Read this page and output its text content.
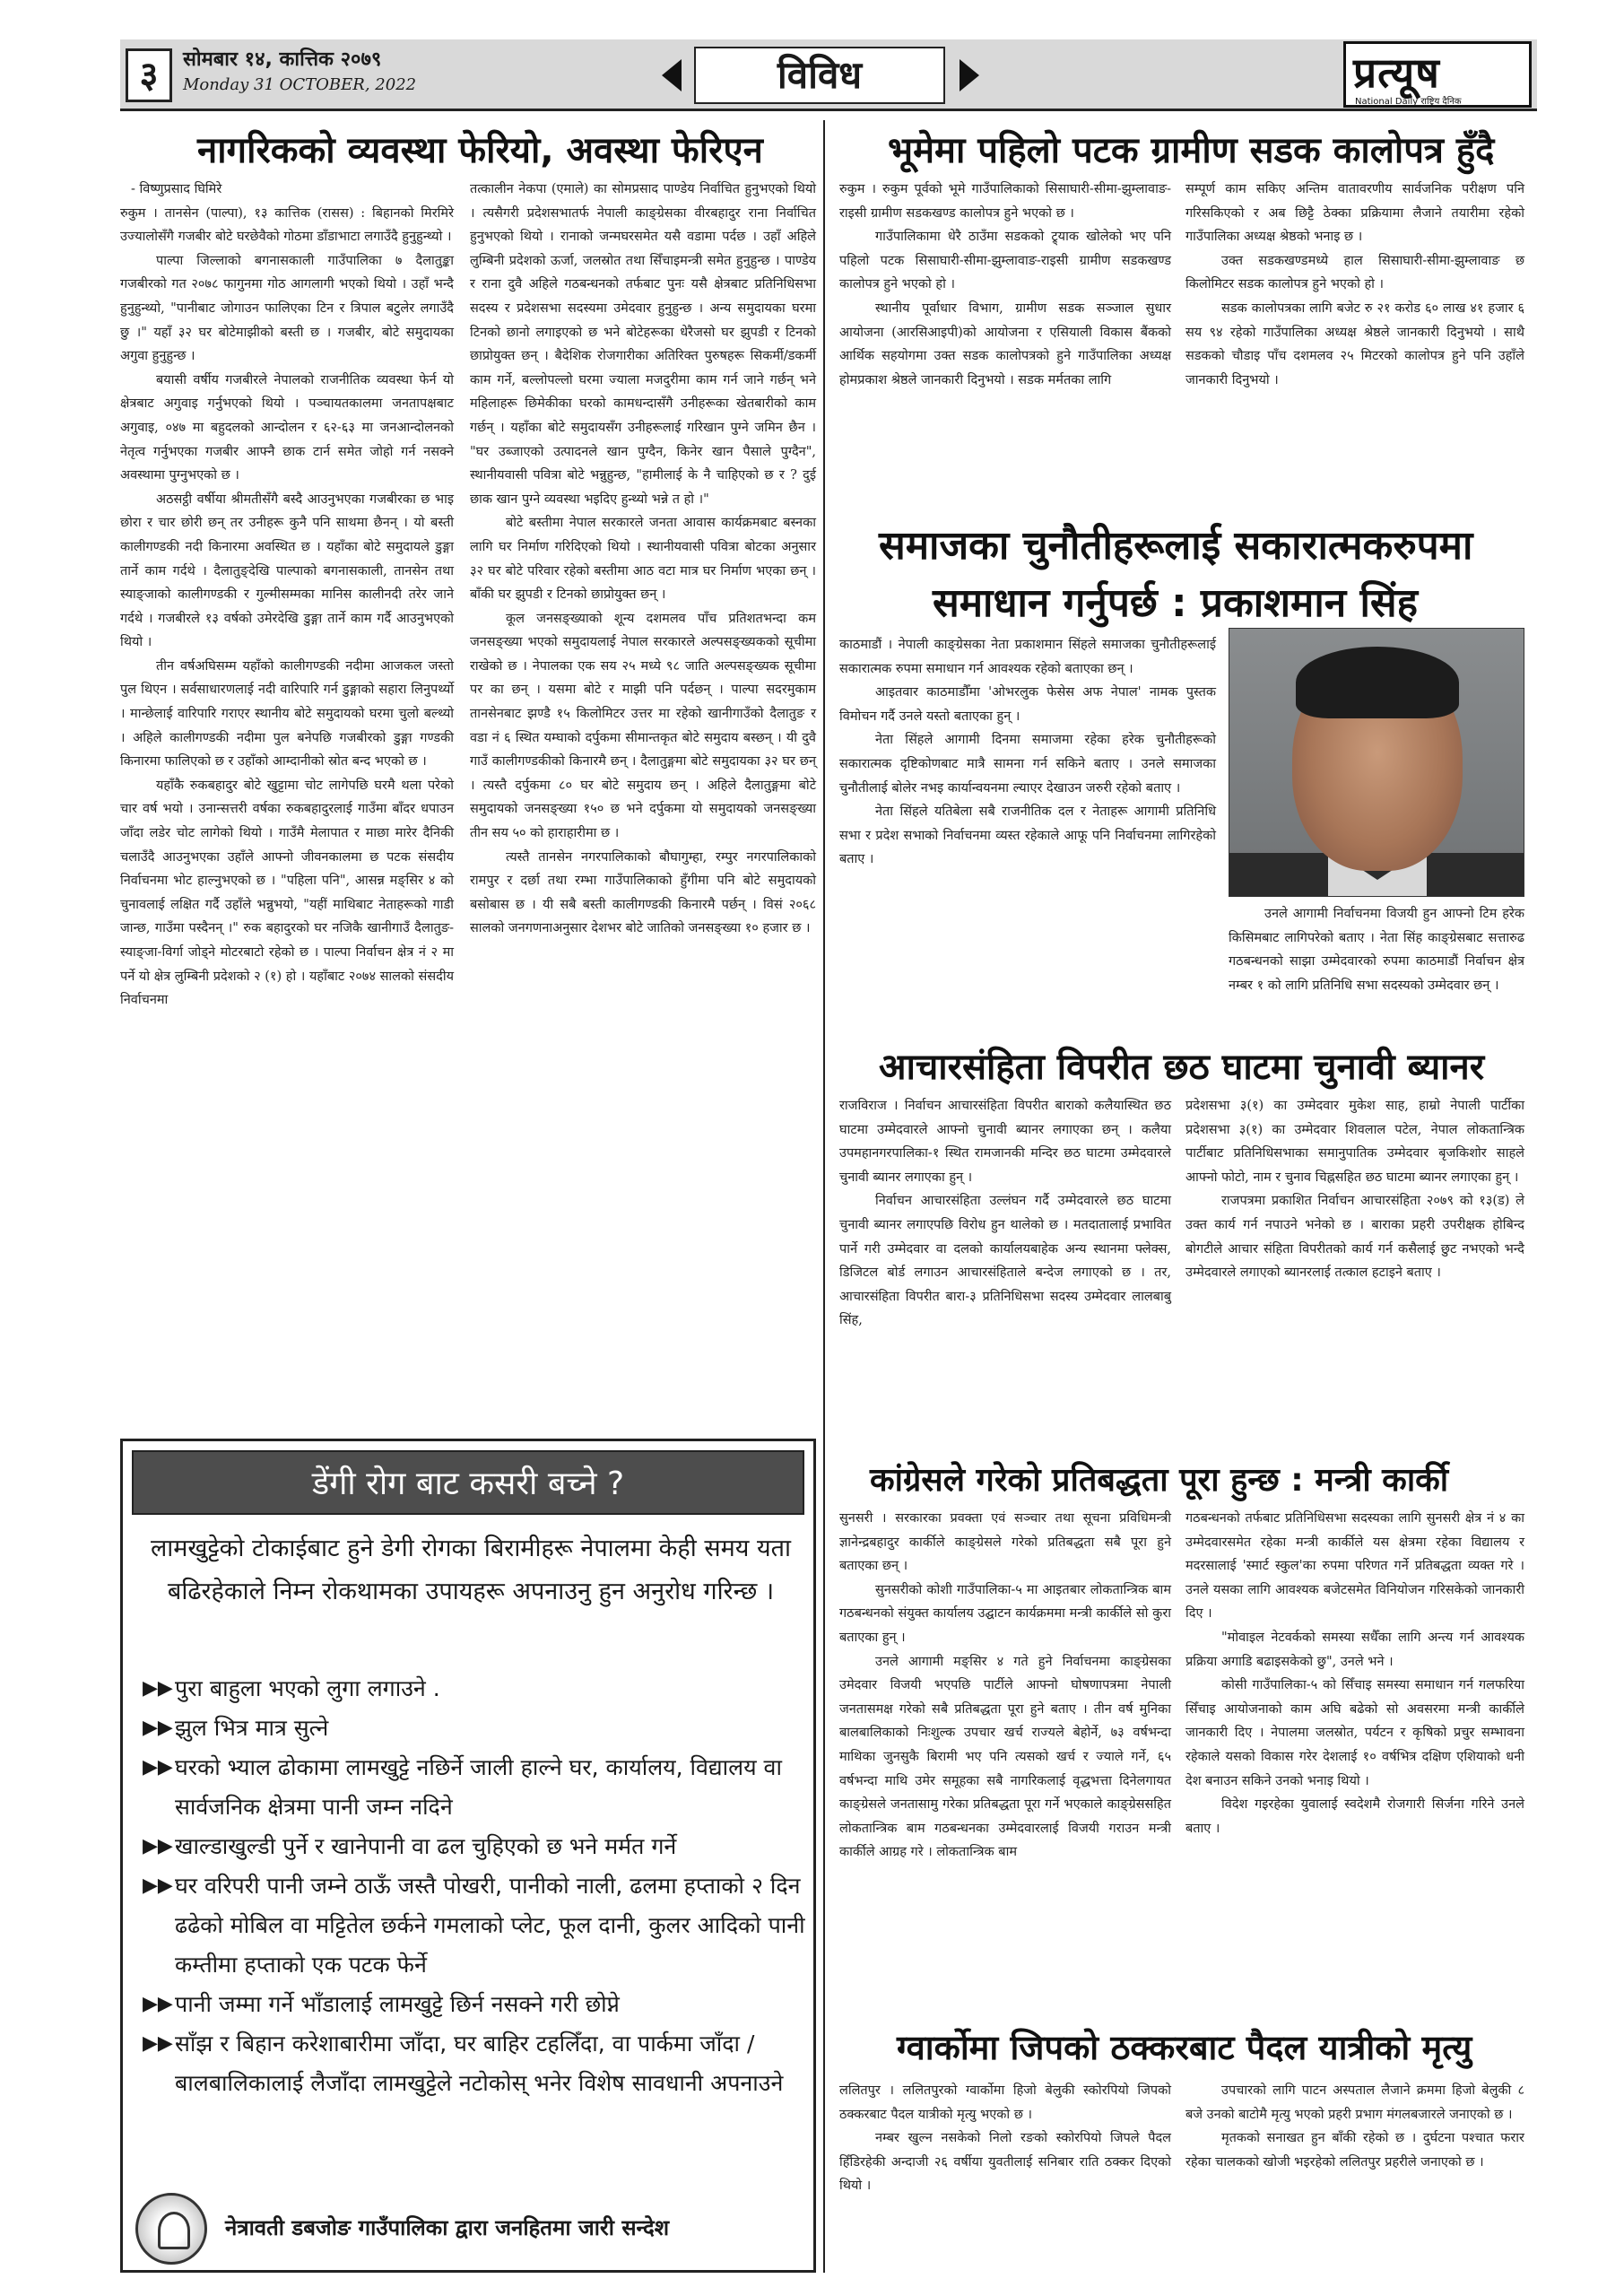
३	सोमबार १४, कात्तिक २०७९
Monday 31 OCTOBER, 2022	विविध	प्रत्यूष
National Daily राष्ट्रिय दैनिक
नागरिकको व्यवस्था फेरियो, अवस्था फेरिएन

- विष्णुप्रसाद घिमिरे

रुकुम । तानसेन (पाल्पा), १३ कात्तिक (रासस) : बिहानको मिरमिरे उज्यालोसँगै गजबीर बोटे घरछेवैको गोठमा डाँडाभाटा लगाउँदै हुनुहुन्थ्यो ।

पाल्पा जिल्लाको बगनासकाली गाउँपालिका ७ दैलातुङ्का गजबीरको गत २०७८ फागुनमा गोठ आगलागी भएको थियो । उहाँ भन्दै हुनुहुन्थ्यो, "पानीबाट जोगाउन फालिएका टिन र त्रिपाल बटुलेर लगाउँदै छु ।" यहाँ ३२ घर बोटेमाझीको बस्ती छ । गजबीर, बोटे समुदायका अगुवा हुनुहुन्छ ।

बयासी वर्षीय गजबीरले नेपालको राजनीतिक व्यवस्था फेर्न यो क्षेत्रबाट अगुवाइ गर्नुभएको थियो । पञ्चायतकालमा जनतापक्षबाट अगुवाइ, ०४७ मा बहुदलको आन्दोलन र ६२-६३ मा जनआन्दोलनको नेतृत्व गर्नुभएका गजबीर आफ्नै छाक टार्न समेत जोहो गर्न नसक्ने अवस्थामा पुग्नुभएको छ ।

अठसट्ठी वर्षीया श्रीमतीसँगै बस्दै आउनुभएका गजबीरका छ भाइ छोरा र चार छोरी छन् तर उनीहरू कुनै पनि साथमा छैनन् । यो बस्ती कालीगण्डकी नदी किनारमा अवस्थित छ । यहाँका बोटे समुदायले डुङ्गा तार्ने काम गर्दथे । दैलातुङ्देखि पाल्पाको बगनासकाली, तानसेन तथा स्याङ्जाको कालीगण्डकी र गुल्मीसम्मका मानिस कालीनदी तरेर जाने गर्दथे । गजबीरले १३ वर्षको उमेरदेखि डुङ्गा तार्ने काम गर्दै आउनुभएको थियो ।

तीन वर्षअघिसम्म यहाँको कालीगण्डकी नदीमा आजकल जस्तो पुल थिएन । सर्वसाधारणलाई नदी वारिपारि गर्न डुङ्गाको सहारा लिनुपर्थ्यो । मान्छेलाई वारिपारि गराएर स्थानीय बोटे समुदायको घरमा चुलो बल्थ्यो । अहिले कालीगण्डकी नदीमा पुल बनेपछि गजबीरको डुङ्गा गण्डकी किनारमा फालिएको छ र उहाँको आम्दानीको स्रोत बन्द भएको छ ।

यहाँकै रुकबहादुर बोटे खुट्टामा चोट लागेपछि घरमै थला परेको चार वर्ष भयो । उनान्सत्तरी वर्षका रुकबहादुरलाई गाउँमा बाँदर धपाउन जाँदा लडेर चोट लागेको थियो । गाउँमै मेलापात र माछा मारेर दैनिकी चलाउँदै आउनुभएका उहाँले आफ्नो जीवनकालमा छ पटक संसदीय निर्वाचनमा भोट हाल्नुभएको छ । "पहिला पनि", आसन्न मङ्सिर ४ को चुनावलाई लक्षित गर्दै उहाँले भन्नुभयो, "यहीं माथिबाट नेताहरूको गाडी जान्छ, गाउँमा पस्दैनन् ।" रुक बहादुरको घर नजिकै खानीगाउँ दैलातुङ-स्याङ्जा-विर्गा जोड्ने मोटरबाटो रहेको छ । पाल्पा निर्वाचन क्षेत्र नं २ मा पर्ने यो क्षेत्र लुम्बिनी प्रदेशको २ (१) हो । यहाँबाट २०७४ सालको संसदीय निर्वाचनमा

तत्कालीन नेकपा (एमाले) का सोमप्रसाद पाण्डेय निर्वाचित हुनुभएको थियो । त्यसैगरी प्रदेशसभातर्फ नेपाली काङ्ग्रेसका वीरबहादुर राना निर्वाचित हुनुभएको थियो । रानाको जन्मघरसमेत यसै वडामा पर्दछ । उहाँ अहिले लुम्बिनी प्रदेशको ऊर्जा, जलस्रोत तथा सिँचाइमन्त्री समेत हुनुहुन्छ । पाण्डेय र राना दुवै अहिले गठबन्धनको तर्फबाट पुनः यसै क्षेत्रबाट प्रतिनिधिसभा सदस्य र प्रदेशसभा सदस्यमा उमेदवार हुनुहुन्छ । अन्य समुदायका घरमा टिनको छानो लगाइएको छ भने बोटेहरूका धेरैजसो घर झुपडी र टिनको छाप्रोयुक्त छन् । बैदेशिक रोजगारीका अतिरिक्त पुरुषहरू सिकर्मी/डकर्मी काम गर्ने, बल्लोपल्लो घरमा ज्याला मजदुरीमा काम गर्न जाने गर्छन् भने महिलाहरू छिमेकीका घरको कामधन्दासँगै उनीहरूका खेतबारीको काम गर्छन् । यहाँका बोटे समुदायसँग उनीहरूलाई गरिखान पुग्ने जमिन छैन । "घर उब्जाएको उत्पादनले खान पुग्दैन, किनेर खान पैसाले पुग्दैन", स्थानीयवासी पवित्रा बोटे भन्नुहुन्छ, "हामीलाई के नै चाहिएको छ र ? दुई छाक खान पुग्ने व्यवस्था भइदिए हुन्थ्यो भन्ने त हो ।"

बोटे बस्तीमा नेपाल सरकारले जनता आवास कार्यक्रमबाट बस्नका लागि घर निर्माण गरिदिएको थियो । स्थानीयवासी पवित्रा बोटका अनुसार ३२ घर बोटे परिवार रहेको बस्तीमा आठ वटा मात्र घर निर्माण भएका छन् । बाँकी घर झुपडी र टिनको छाप्रोयुक्त छन् ।

कूल जनसङ्ख्याको शून्य दशमलव पाँच प्रतिशतभन्दा कम जनसङ्ख्या भएको समुदायलाई नेपाल सरकारले अल्पसङ्ख्यकको सूचीमा राखेको छ । नेपालका एक सय २५ मध्ये ९८ जाति अल्पसङ्ख्यक सूचीमा पर का छन् । यसमा बोटे र माझी पनि पर्दछन् । पाल्पा सदरमुकाम तानसेनबाट झण्डै १५ किलोमिटर उत्तर मा रहेको खानीगाउँको दैलातुङ र वडा नं ६ स्थित यम्घाको दर्पुकमा सीमान्तकृत बोटे समुदाय बस्छन् । यी दुवै गाउँ कालीगण्डकीको किनारमै छन् । दैलातुङ्गमा बोटे समुदायका ३२ घर छन् । त्यस्तै दर्पुकमा ८० घर बोटे समुदाय छन् । अहिले दैलातुङ्गमा बोटे समुदायको जनसङ्ख्या १५० छ भने दर्पुकमा यो समुदायको जनसङ्ख्या तीन सय ५० को हाराहारीमा छ ।

त्यस्तै तानसेन नगरपालिकाको बौघागुम्हा, रम्पुर नगरपालिकाको रामपुर र दर्छा तथा रम्भा गाउँपालिकाको हुँगीमा पनि बोटे समुदायको बसोबास छ । यी सबै बस्ती कालीगण्डकी किनारमै पर्छन् । विसं २०६८ सालको जनगणनाअनुसार देशभर बोटे जातिको जनसङ्ख्या १० हजार छ ।

भूमेमा पहिलो पटक ग्रामीण सडक कालोपत्र हुँदै

रुकुम । रुकुम पूर्वको भूमे गाउँपालिकाको सिसाघारी-सीमा-झुम्लावाङ-राइसी ग्रामीण सडकखण्ड कालोपत्र हुने भएको छ ।

गाउँपालिकामा धेरै ठाउँमा सडकको ट्र्याक खोलेको भए पनि पहिलो पटक सिसाघारी-सीमा-झुम्लावाङ-राइसी ग्रामीण सडकखण्ड कालोपत्र हुने भएको हो ।

स्थानीय पूर्वाधार विभाग, ग्रामीण सडक सञ्जाल सुधार आयोजना (आरसिआइपी)को आयोजना र एसियाली विकास बैंकको आर्थिक सहयोगमा उक्त सडक कालोपत्रको हुने गाउँपालिका अध्यक्ष होमप्रकाश श्रेष्ठले जानकारी दिनुभयो । सडक मर्मतका लागि

सम्पूर्ण काम सकिए अन्तिम वातावरणीय सार्वजनिक परीक्षण पनि गरिसकिएको र अब छिट्टै ठेक्का प्रक्रियामा लैजाने तयारीमा रहेको गाउँपालिका अध्यक्ष श्रेष्ठको भनाइ छ ।

उक्त सडकखण्डमध्ये हाल सिसाघारी-सीमा-झुम्लावाङ छ किलोमिटर सडक कालोपत्र हुने भएको हो ।

सडक कालोपत्रका लागि बजेट रु २१ करोड ६० लाख ४१ हजार ६ सय ९४ रहेको गाउँपालिका अध्यक्ष श्रेष्ठले जानकारी दिनुभयो । साथै सडकको चौडाइ पाँच दशमलव २५ मिटरको कालोपत्र हुने पनि उहाँले जानकारी दिनुभयो ।

समाजका चुनौतीहरूलाई सकारात्मकरुपमा
समाधान गर्नुपर्छ : प्रकाशमान सिंह

काठमाडौं । नेपाली काङ्ग्रेसका नेता प्रकाशमान सिंहले समाजका चुनौतीहरूलाई सकारात्मक रुपमा समाधान गर्न आवश्यक रहेको बताएका छन् ।

आइतवार काठमाडौँमा 'ओभरलुक फेसेस अफ नेपाल' नामक पुस्तक विमोचन गर्दै उनले यस्तो बताएका हुन् ।

नेता सिंहले आगामी दिनमा समाजमा रहेका हरेक चुनौतीहरूको सकारात्मक दृष्टिकोणबाट मात्रै सामना गर्न सकिने बताए । उनले समाजका चुनौतीलाई बोलेर नभइ कार्यान्वयनमा ल्याएर देखाउन जरुरी रहेको बताए ।

नेता सिंहले यतिबेला सबै राजनीतिक दल र नेताहरू आगामी प्रतिनिधि सभा र प्रदेश सभाको निर्वाचनमा व्यस्त रहेकाले आफू पनि निर्वाचनमा लागिरहेको बताए ।

उनले आगामी निर्वाचनमा विजयी हुन आफ्नो टिम हरेक किसिमबाट लागिपरेको बताए । नेता सिंह काङ्ग्रेसबाट सत्तारुढ गठबन्धनको साझा उम्मेदवारको रुपमा काठमाडौं निर्वाचन क्षेत्र नम्बर १ को लागि प्रतिनिधि सभा सदस्यको उम्मेदवार छन् ।

आचारसंहिता विपरीत छठ घाटमा चुनावी ब्यानर

राजविराज । निर्वाचन आचारसंहिता विपरीत बाराको कलैयास्थित छठ घाटमा उम्मेदवारले आफ्नो चुनावी ब्यानर लगाएका छन् । कलैया उपमहानगरपालिका-१ स्थित रामजानकी मन्दिर छठ घाटमा उम्मेदवारले चुनावी ब्यानर लगाएका हुन् ।

निर्वाचन आचारसंहिता उल्लंघन गर्दै उम्मेदवारले छठ घाटमा चुनावी ब्यानर लगाएपछि विरोध हुन थालेको छ । मतदातालाई प्रभावित पार्ने गरी उम्मेदवार वा दलको कार्यालयबाहेक अन्य स्थानमा फ्लेक्स, डिजिटल बोर्ड लगाउन आचारसंहिताले बन्देज लगाएको छ । तर, आचारसंहिता विपरीत बारा-३ प्रतिनिधिसभा सदस्य उम्मेदवार लालबाबु सिंह,

प्रदेशसभा ३(१) का उम्मेदवार मुकेश साह, हाम्रो नेपाली पार्टीका प्रदेशसभा ३(१) का उम्मेदवार शिवलाल पटेल, नेपाल लोकतान्त्रिक पार्टीबाट प्रतिनिधिसभाका समानुपातिक उम्मेदवार बृजकिशोर साहले आफ्नो फोटो, नाम र चुनाव चिह्नसहित छठ घाटमा ब्यानर लगाएका हुन् ।

राजपत्रमा प्रकाशित निर्वाचन आचारसंहिता २०७९ को १३(ड) ले उक्त कार्य गर्न नपाउने भनेको छ । बाराका प्रहरी उपरीक्षक होबिन्द बोगटीले आचार संहिता विपरीतको कार्य गर्न कसैलाई छुट नभएको भन्दै उम्मेदवारले लगाएको ब्यानरलाई तत्काल हटाइने बताए ।

कांग्रेसले गरेको प्रतिबद्धता पूरा हुन्छ : मन्त्री कार्की

सुनसरी । सरकारका प्रवक्ता एवं सञ्चार तथा सूचना प्रविधिमन्त्री ज्ञानेन्द्रबहादुर कार्कीले काङ्ग्रेसले गरेको प्रतिबद्धता सबै पूरा हुने बताएका छन् ।

सुनसरीको कोशी गाउँपालिका-५ मा आइतबार लोकतान्त्रिक बाम गठबन्धनको संयुक्त कार्यालय उद्घाटन कार्यक्रममा मन्त्री कार्कीले सो कुरा बताएका हुन् ।

उनले आगामी मङ्सिर ४ गते हुने निर्वाचनमा काङ्ग्रेसका उमेदवार विजयी भएपछि पार्टीले आफ्नो घोषणापत्रमा नेपाली जनतासमक्ष गरेको सबै प्रतिबद्धता पूरा हुने बताए । तीन वर्ष मुनिका बालबालिकाको निःशुल्क उपचार खर्च राज्यले बेहोर्ने, ७३ वर्षभन्दा माथिका जुनसुकै बिरामी भए पनि त्यसको खर्च र ज्याले गर्ने, ६५ वर्षभन्दा माथि उमेर समूहका सबै नागरिकलाई वृद्धभत्ता दिनेलगायत काङ्ग्रेसले जनतासामु गरेका प्रतिबद्धता पूरा गर्ने भएकाले काङ्ग्रेससहित लोकतान्त्रिक बाम गठबन्धनका उम्मेदवारलाई विजयी गराउन मन्त्री कार्कीले आग्रह गरे । लोकतान्त्रिक बाम

गठबन्धनको तर्फबाट प्रतिनिधिसभा सदस्यका लागि सुनसरी क्षेत्र नं ४ का उम्मेदवारसमेत रहेका मन्त्री कार्कीले यस क्षेत्रमा रहेका विद्यालय र मदरसालाई 'स्मार्ट स्कुल'का रुपमा परिणत गर्ने प्रतिबद्धता व्यक्त गरे । उनले यसका लागि आवश्यक बजेटसमेत विनियोजन गरिसकेको जानकारी दिए ।

"मोवाइल नेटवर्कको समस्या सधैँका लागि अन्त्य गर्न आवश्यक प्रक्रिया अगाडि बढाइसकेको छु", उनले भने ।

कोसी गाउँपालिका-५ को सिँचाइ समस्या समाधान गर्न गलफरिया सिँचाइ आयोजनाको काम अघि बढेको सो अवसरमा मन्त्री कार्कीले जानकारी दिए । नेपालमा जलस्रोत, पर्यटन र कृषिको प्रचुर सम्भावना रहेकाले यसको विकास गरेर देशलाई १० वर्षभित्र दक्षिण एशियाको धनी देश बनाउन सकिने उनको भनाइ थियो ।

विदेश गइरहेका युवालाई स्वदेशमै रोजगारी सिर्जना गरिने उनले बताए ।

ग्वार्कोमा जिपको ठक्करबाट पैदल यात्रीको मृत्यु

ललितपुर । ललितपुरको ग्वार्कोमा हिजो बेलुकी स्कोरपियो जिपको ठक्करबाट पैदल यात्रीको मृत्यु भएको छ ।

नम्बर खुल्न नसकेको निलो रङको स्कोरपियो जिपले पैदल हिँडिरहेकी अन्दाजी २६ वर्षीया युवतीलाई सनिबार राति ठक्कर दिएको थियो ।

उपचारको लागि पाटन अस्पताल लैजाने क्रममा हिजो बेलुकी ८ बजे उनको बाटोमै मृत्यु भएको प्रहरी प्रभाग मंगलबजारले जनाएको छ ।

मृतकको सनाखत हुन बाँकी रहेको छ । दुर्घटना पश्चात फरार रहेका चालकको खोजी भइरहेको ललितपुर प्रहरीले जनाएको छ ।

डेंगी रोग बाट कसरी बच्ने ?
लामखुट्टेको टोकाईबाट हुने डेगी रोगका बिरामीहरू नेपालमा केही समय यता बढिरहेकाले निम्न रोकथामका उपायहरू अपनाउनु हुन अनुरोध गरिन्छ ।
▶▶ पुरा बाहुला भएको लुगा लगाउने .
▶▶ झुल भित्र मात्र सुत्ने
▶▶ घरको भ्याल ढोकामा लामखुट्टे नछिर्ने जाली हाल्ने घर, कार्यालय, विद्यालय वा सार्वजनिक क्षेत्रमा पानी जम्न नदिने
▶▶ खाल्डाखुल्डी पुर्ने र खानेपानी वा ढल चुहिएको छ भने मर्मत गर्ने
▶▶ घर वरिपरी पानी जम्ने ठाऊँ जस्तै पोखरी, पानीको नाली, ढलमा हप्ताको २ दिन ढढेको मोबिल वा मट्टितेल छर्कने गमलाको प्लेट, फूल दानी, कुलर आदिको पानी कम्तीमा हप्ताको एक पटक फेर्ने
▶▶ पानी जम्मा गर्ने भाँडालाई लामखुट्टे छिर्न नसक्ने गरी छोप्ने
▶▶ साँझ र बिहान करेशाबारीमा जाँदा, घर बाहिर टहलिँदा, वा पार्कमा जाँदा / बालबालिकालाई लैजाँदा लामखुट्टेले नटोकोस् भनेर विशेष सावधानी अपनाउने
नेत्रावती डबजोङ गाउँपालिका द्वारा जनहितमा जारी सन्देश
